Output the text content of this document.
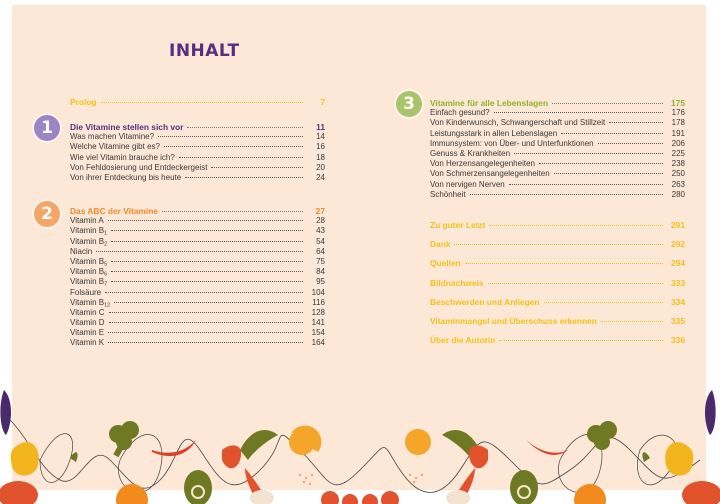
INHALT
Prolog	7
1	Die Vitamine stellen sich vor	11
Was machen Vitamine?	14
Welche Vitamine gibt es?	16
Wie viel Vitamin brauche ich?	18
Von Fehldosierung und Entdeckergeist	20
Von ihrer Entdeckung bis heute	24
2	Das ABC der Vitamine	27
Vitamin A	28
Vitamin $B_1$	43
Vitamin $B_2$	54
Niacin	64
Vitamin $B_5$	75
Vitamin $B_6$	84
Vitamin $B_7$	95
Folsäure	104
Vitamin $B_{12}$	116
Vitamin C	128
Vitamin D	141
Vitamin E	154
Vitamin K	164
3	Vitamine für alle Lebenslagen	175
Einfach gesund?	176
Von Kinderwunsch, Schwangerschaft und Stillzeit	178
Leistungsstark in allen Lebenslagen	191
Immunsystem: von Über- und Unterfunktionen	206
Genuss & Krankheiten	225
Von Herzensangelegenheiten	238
Von Schmerzensangelegenheiten	250
Von nervigen Nerven	263
Schönheit	280
Zu guter Letzt	291
Dank	292
Quellen	294
Bildnachweis	333
Beschwerden und Anliegen	334
Vitaminmangel und Überschuss erkennen	335
Über die Autorin	336
